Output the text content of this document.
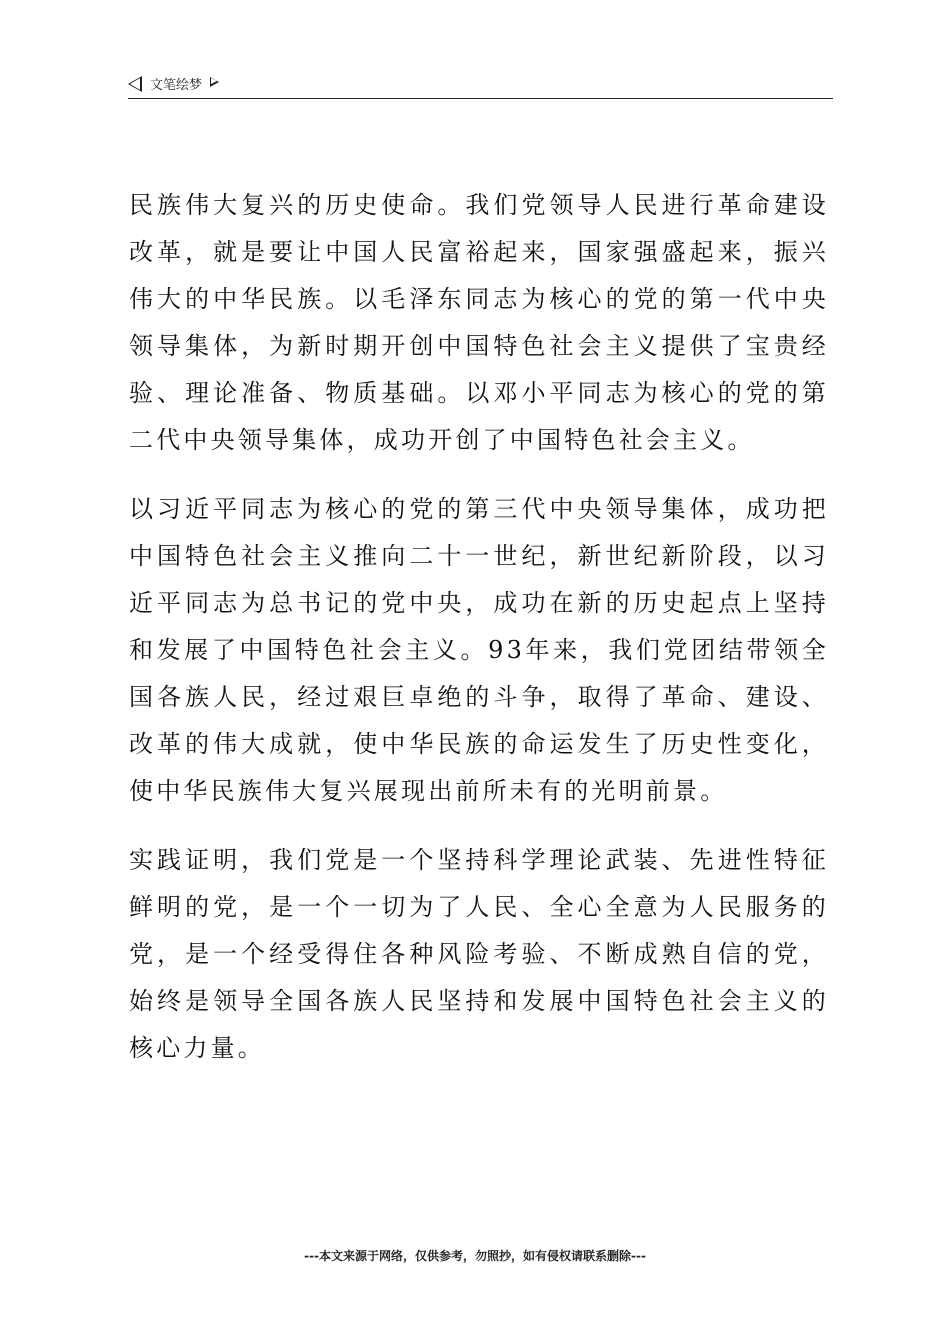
文笔绘梦

民族伟大复兴的历史使命。我们党领导人民进行革命建设改革，就是要让中国人民富裕起来，国家强盛起来，振兴伟大的中华民族。以毛泽东同志为核心的党的第一代中央领导集体，为新时期开创中国特色社会主义提供了宝贵经验、理论准备、物质基础。以邓小平同志为核心的党的第二代中央领导集体，成功开创了中国特色社会主义。

以习近平同志为核心的党的第三代中央领导集体，成功把中国特色社会主义推向二十一世纪，新世纪新阶段，以习近平同志为总书记的党中央，成功在新的历史起点上坚持和发展了中国特色社会主义。93年来，我们党团结带领全国各族人民，经过艰巨卓绝的斗争，取得了革命、建设、改革的伟大成就，使中华民族的命运发生了历史性变化，使中华民族伟大复兴展现出前所未有的光明前景。

实践证明，我们党是一个坚持科学理论武装、先进性特征鲜明的党，是一个一切为了人民、全心全意为人民服务的党，是一个经受得住各种风险考验、不断成熟自信的党，始终是领导全国各族人民坚持和发展中国特色社会主义的核心力量。

---本文来源于网络，仅供参考，勿照抄，如有侵权请联系删除---
